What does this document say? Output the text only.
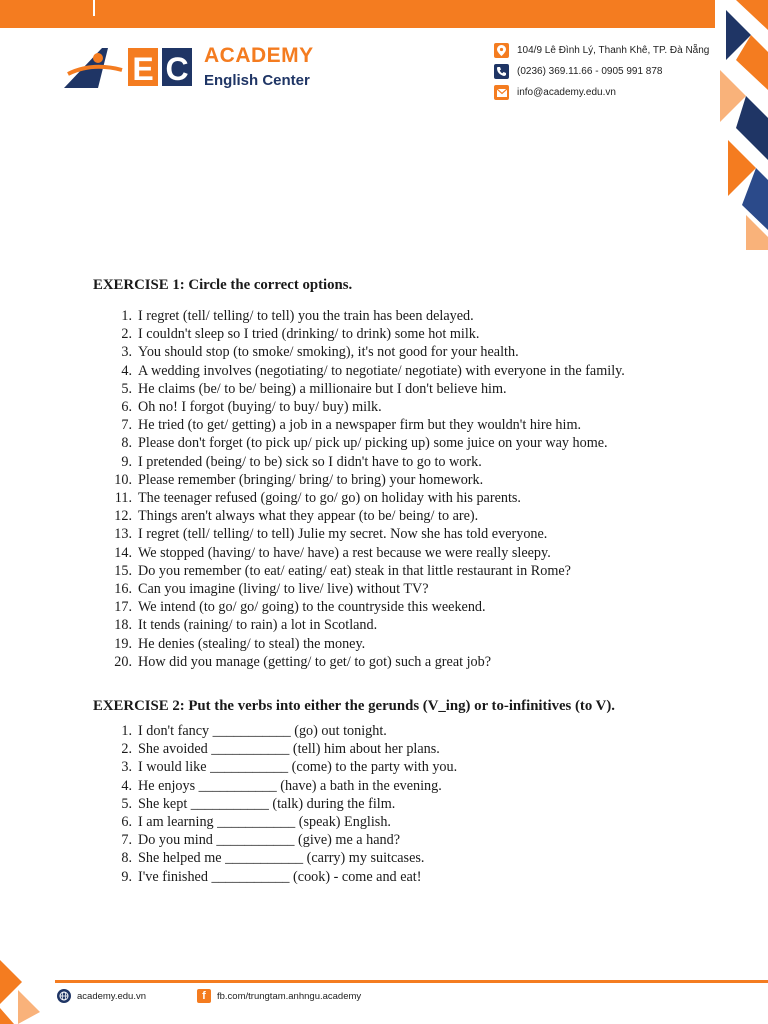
E C ACADEMY
English Center
104/9 Lê Đình Lý, Thanh Khê, TP. Đà Nẵng
(0236) 369.11.66 - 0905 991 878
info@academy.edu.vn

EXERCISE 1: Circle the correct options.

1. I regret (tell/ telling/ to tell) you the train has been delayed.
2. I couldn't sleep so I tried (drinking/ to drink) some hot milk.
3. You should stop (to smoke/ smoking), it's not good for your health.
4. A wedding involves (negotiating/ to negotiate/ negotiate) with everyone in the family.
5. He claims (be/ to be/ being) a millionaire but I don't believe him.
6. Oh no! I forgot (buying/ to buy/ buy) milk.
7. He tried (to get/ getting) a job in a newspaper firm but they wouldn't hire him.
8. Please don't forget (to pick up/ pick up/ picking up) some juice on your way home.
9. I pretended (being/ to be) sick so I didn't have to go to work.
10. Please remember (bringing/ bring/ to bring) your homework.
11. The teenager refused (going/ to go/ go) on holiday with his parents.
12. Things aren't always what they appear (to be/ being/ to are).
13. I regret (tell/ telling/ to tell) Julie my secret. Now she has told everyone.
14. We stopped (having/ to have/ have) a rest because we were really sleepy.
15. Do you remember (to eat/ eating/ eat) steak in that little restaurant in Rome?
16. Can you imagine (living/ to live/ live) without TV?
17. We intend (to go/ go/ going) to the countryside this weekend.
18. It tends (raining/ to rain) a lot in Scotland.
19. He denies (stealing/ to steal) the money.
20. How did you manage (getting/ to get/ to got) such a great job?

EXERCISE 2: Put the verbs into either the gerunds (V_ing) or to-infinitives (to V).

1. I don't fancy ___________ (go) out tonight.
2. She avoided ___________ (tell) him about her plans.
3. I would like ___________ (come) to the party with you.
4. He enjoys ___________ (have) a bath in the evening.
5. She kept ___________ (talk) during the film.
6. I am learning ___________ (speak) English.
7. Do you mind ___________ (give) me a hand?
8. She helped me ___________ (carry) my suitcases.
9. I've finished ___________ (cook) - come and eat!
academy.edu.vn	f	fb.com/trungtam.anhngu.academy
